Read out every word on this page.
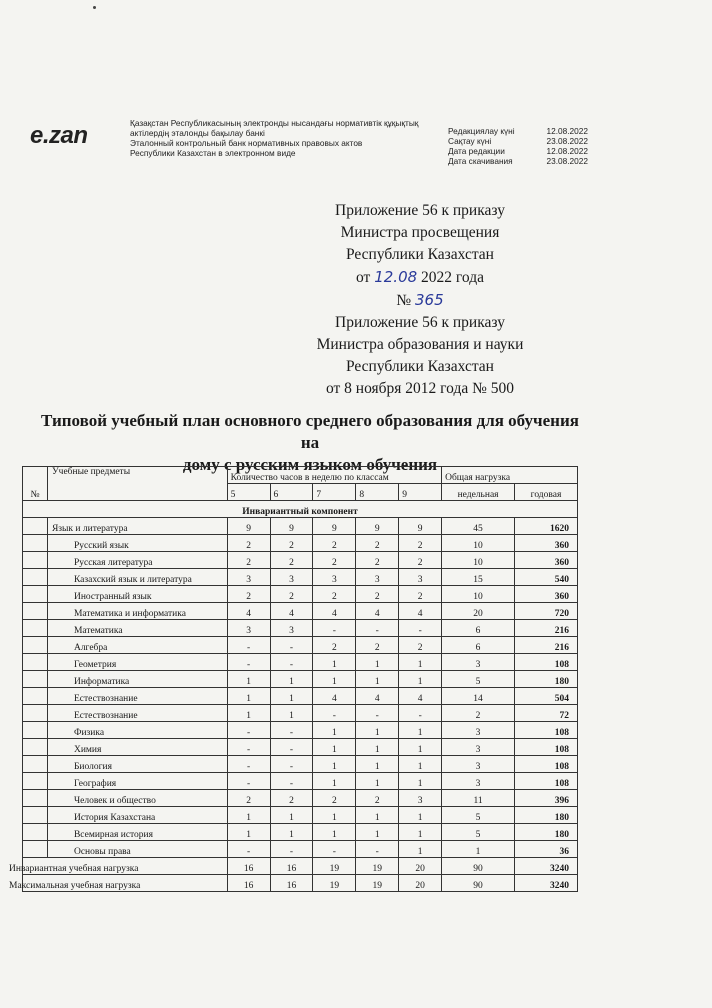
e.zan	Қазақстан Республикасының электронды нысандағы нормативтік құқықтық
актілердің эталонды бақылау банкі
Эталонный контрольный банк нормативных правовых актов
Республики Казахстан в электронном виде
Редакциялау күні	12.08.2022
Сақтау күні	23.08.2022
Дата редакции	12.08.2022
Дата скачивания	23.08.2022
Приложение 56 к приказу
Министра просвещения
Республики Казахстан
от 12.08 2022 года
№ 365
Приложение 56 к приказу
Министра образования и науки
Республики Казахстан
от 8 ноября 2012 года № 500
Типовой учебный план основного среднего образования для обучения на
дому с русским языком обучения
№	Учебные предметы	Количество часов в неделю по классам					Общая нагрузка	
		5	6	7	8	9	недельная	годовая
Инвариантный компонент								
	Язык и литература	9	9	9	9	9	45	1620
	Русский язык	2	2	2	2	2	10	360
	Русская литература	2	2	2	2	2	10	360
	Казахский язык и литература	3	3	3	3	3	15	540
	Иностранный язык	2	2	2	2	2	10	360
	Математика и информатика	4	4	4	4	4	20	720
	Математика	3	3	-	-	-	6	216
	Алгебра	-	-	2	2	2	6	216
	Геометрия	-	-	1	1	1	3	108
	Информатика	1	1	1	1	1	5	180
	Естествознание	1	1	4	4	4	14	504
	Естествознание	1	1	-	-	-	2	72
	Физика	-	-	1	1	1	3	108
	Химия	-	-	1	1	1	3	108
	Биология	-	-	1	1	1	3	108
	География	-	-	1	1	1	3	108
	Человек и общество	2	2	2	2	3	11	396
	История Казахстана	1	1	1	1	1	5	180
	Всемирная история	1	1	1	1	1	5	180
	Основы права	-	-	-	-	1	1	36
Инвариантная учебная нагрузка		16	16	19	19	20	90	3240
Максимальная учебная нагрузка		16	16	19	19	20	90	3240
